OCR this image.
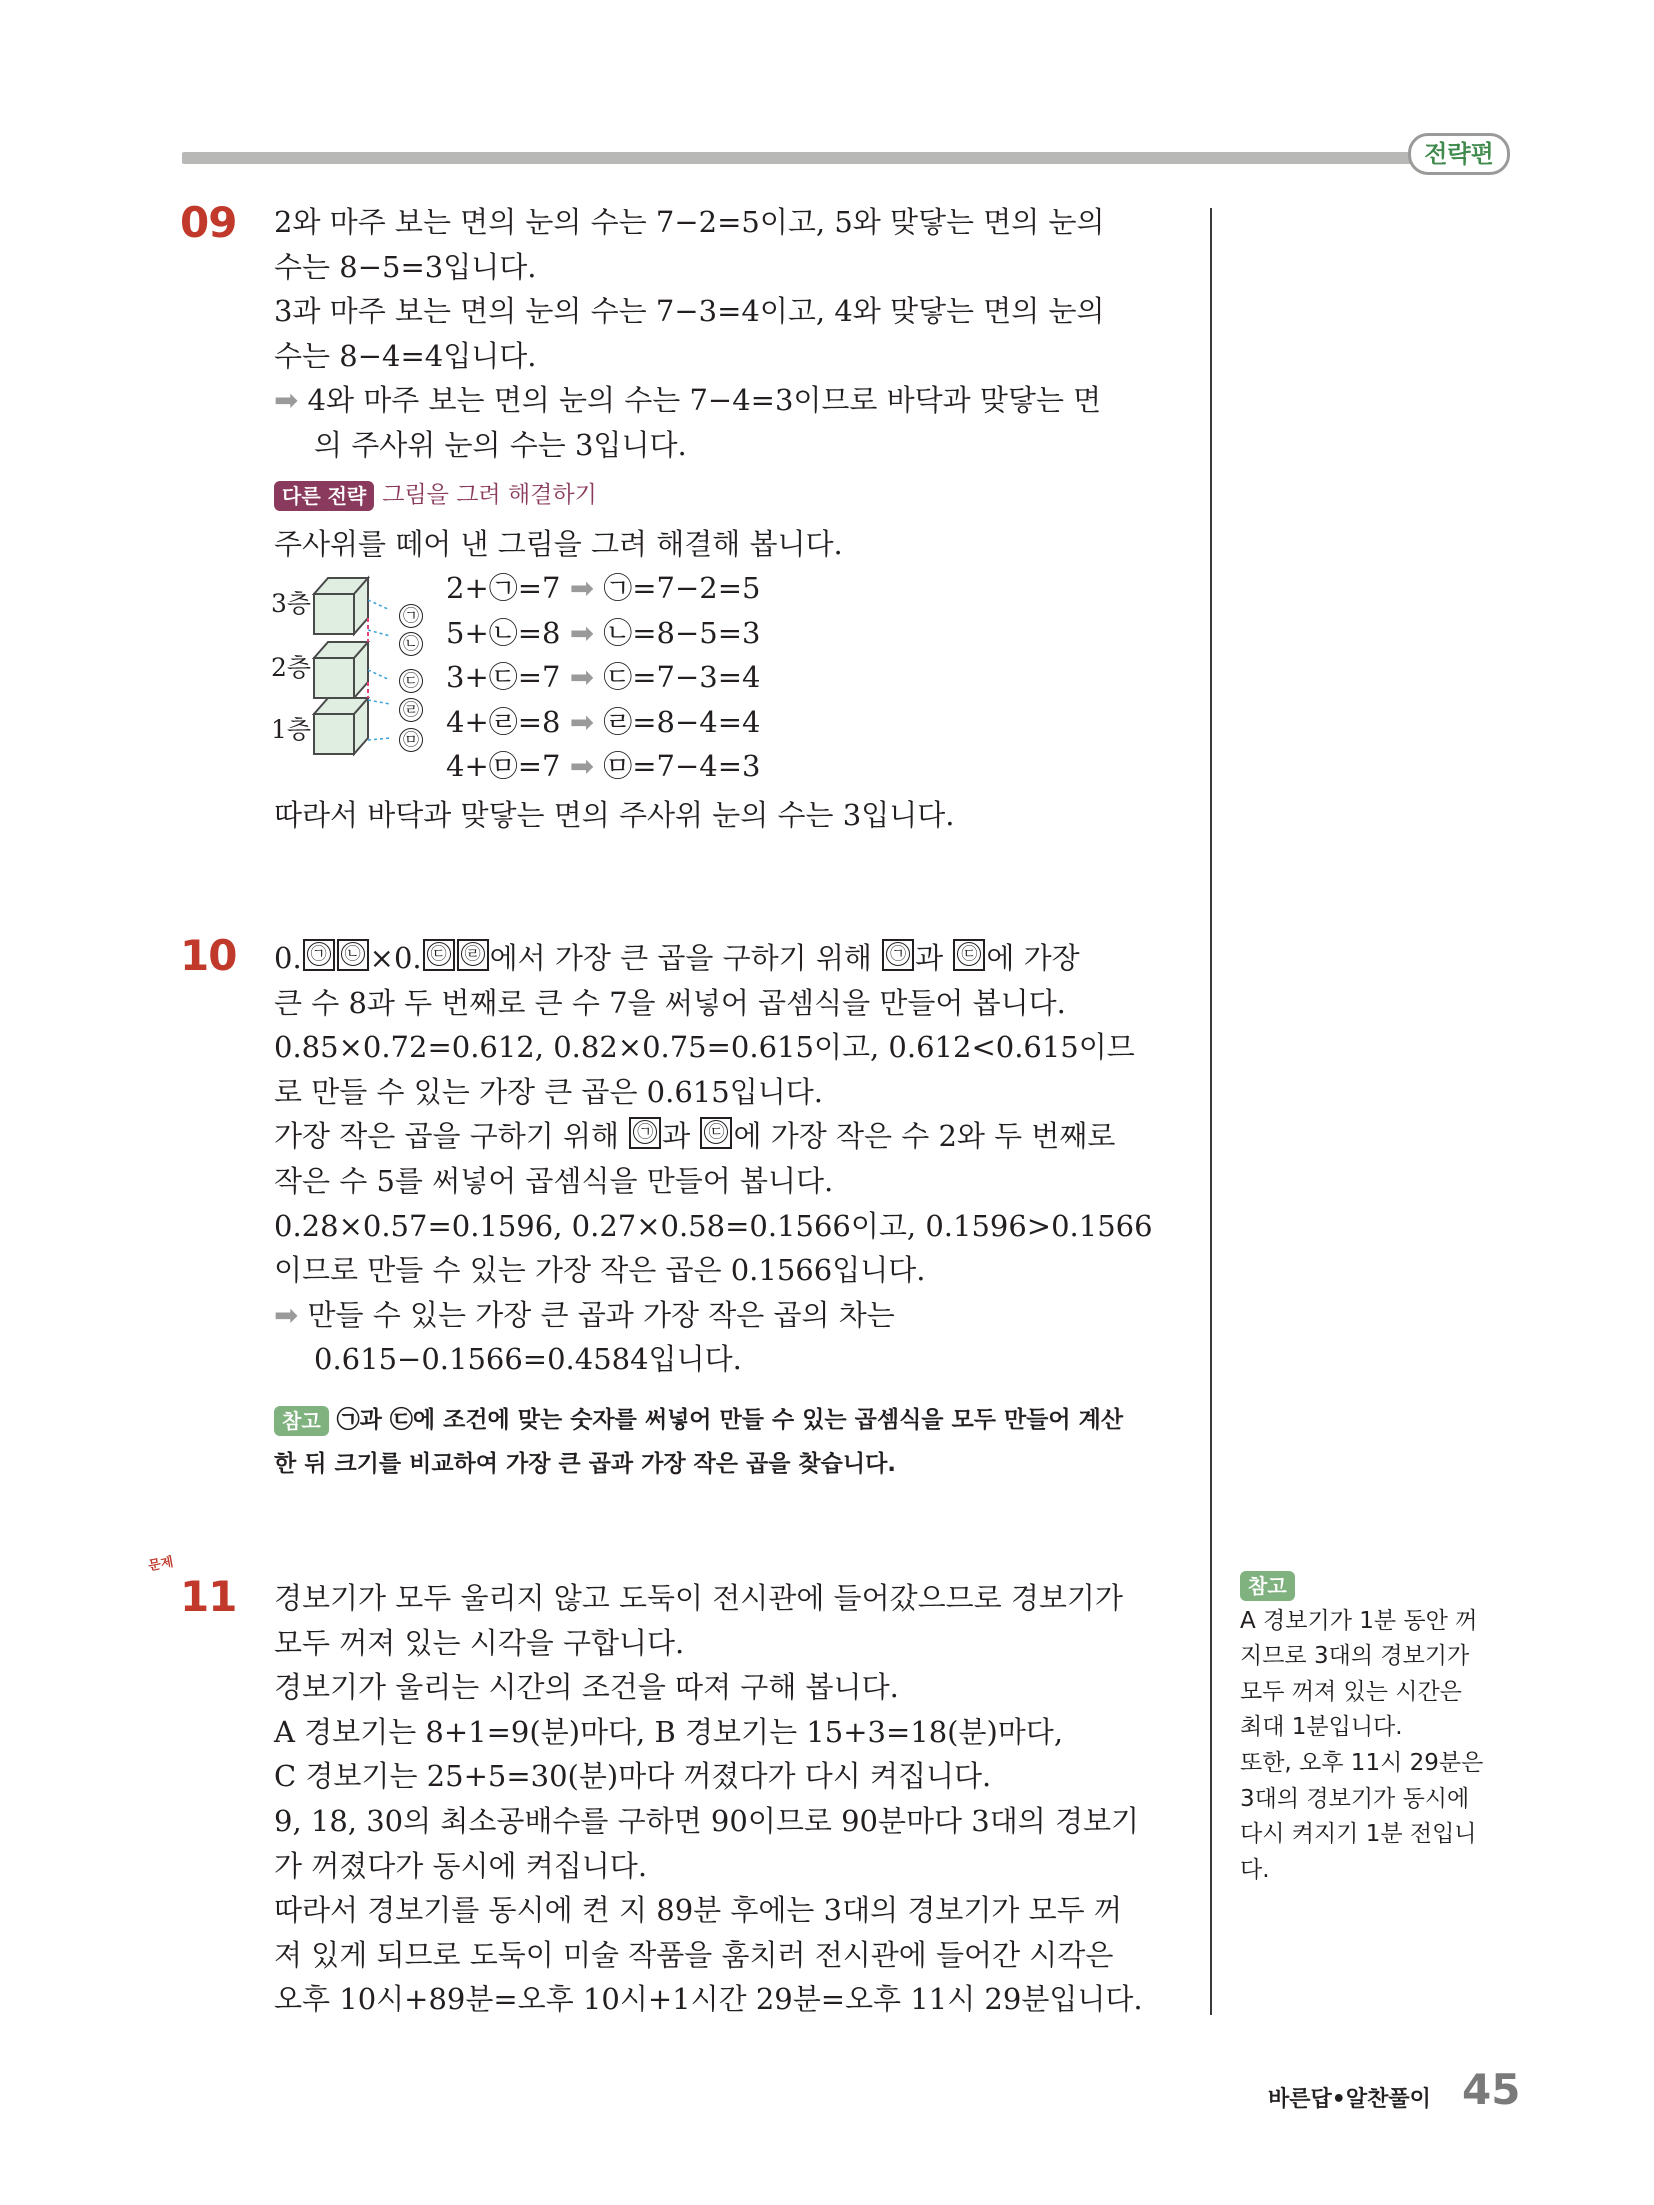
전략편
09 2와 마주 보는 면의 눈의 수는 7−2=5이고, 5와 맞닿는 면의 눈의
수는 8−5=3입니다.
3과 마주 보는 면의 눈의 수는 7−3=4이고, 4와 맞닿는 면의 눈의
수는 8−4=4입니다.
➡ 4와 마주 보는 면의 눈의 수는 7−4=3이므로 바닥과 맞닿는 면
의 주사위 눈의 수는 3입니다.
다른 전략 그림을 그려 해결하기
주사위를 떼어 낸 그림을 그려 해결해 봅니다.
3층
2층
1층
㉠
㉡
㉢
㉣
㉤
2+㉠=7 ➡ ㉠=7−2=5
5+㉡=8 ➡ ㉡=8−5=3
3+㉢=7 ➡ ㉢=7−3=4
4+㉣=8 ➡ ㉣=8−4=4
4+㉤=7 ➡ ㉤=7−4=3
따라서 바닥과 맞닿는 면의 주사위 눈의 수는 3입니다.
10 0. ㉠ ㉡ ×0. ㉢ ㉣ 에서 가장 큰 곱을 구하기 위해 ㉠ 과 ㉢ 에 가장
큰 수 8과 두 번째로 큰 수 7을 써넣어 곱셈식을 만들어 봅니다.
0.85×0.72=0.612, 0.82×0.75=0.615이고, 0.612<0.615이므
로 만들 수 있는 가장 큰 곱은 0.615입니다.
가장 작은 곱을 구하기 위해 ㉠ 과 ㉢ 에 가장 작은 수 2와 두 번째로
작은 수 5를 써넣어 곱셈식을 만들어 봅니다.
0.28×0.57=0.1596, 0.27×0.58=0.1566이고, 0.1596>0.1566
이므로 만들 수 있는 가장 작은 곱은 0.1566입니다.
➡ 만들 수 있는 가장 큰 곱과 가장 작은 곱의 차는
0.615−0.1566=0.4584입니다.
참고 ㉠과 ㉢에 조건에 맞는 숫자를 써넣어 만들 수 있는 곱셈식을 모두 만들어 계산
한 뒤 크기를 비교하여 가장 큰 곱과 가장 작은 곱을 찾습니다.
문제
11 경보기가 모두 울리지 않고 도둑이 전시관에 들어갔으므로 경보기가
모두 꺼져 있는 시각을 구합니다.
경보기가 울리는 시간의 조건을 따져 구해 봅니다.
A 경보기는 8+1=9(분)마다, B 경보기는 15+3=18(분)마다,
C 경보기는 25+5=30(분)마다 꺼졌다가 다시 켜집니다.
9, 18, 30의 최소공배수를 구하면 90이므로 90분마다 3대의 경보기
가 꺼졌다가 동시에 켜집니다.
따라서 경보기를 동시에 켠 지 89분 후에는 3대의 경보기가 모두 꺼
져 있게 되므로 도둑이 미술 작품을 훔치러 전시관에 들어간 시각은
오후 10시+89분=오후 10시+1시간 29분=오후 11시 29분입니다.
참고
A 경보기가 1분 동안 꺼
지므로 3대의 경보기가
모두 꺼져 있는 시간은
최대 1분입니다.
또한, 오후 11시 29분은
3대의 경보기가 동시에
다시 켜지기 1분 전입니
다.
바른답•알찬풀이 45
